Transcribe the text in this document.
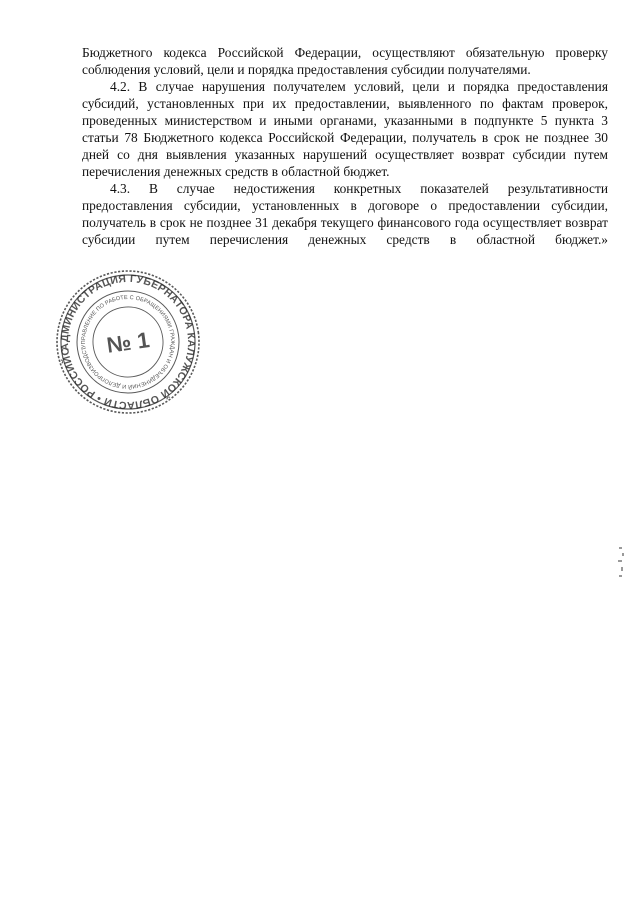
Бюджетного кодекса Российской Федерации, осуществляют обязательную проверку соблюдения условий, цели и порядка предоставления субсидии получателями.

4.2. В случае нарушения получателем условий, цели и порядка предоставления субсидий, установленных при их предоставлении, выявленного по фактам проверок, проведенных министерством и иными органами, указанными в подпункте 5 пункта 3 статьи 78 Бюджетного кодекса Российской Федерации, получатель в срок не позднее 30 дней со дня выявления указанных нарушений осуществляет возврат субсидии путем перечисления денежных средств в областной бюджет.

4.3. В случае недостижения конкретных показателей результативности предоставления субсидии, установленных в договоре о предоставлении субсидии, получатель в срок не позднее 31 декабря текущего финансового года осуществляет возврат субсидии путем перечисления денежных средств в областной бюджет.»

АДМИНИСТРАЦИЯ ГУБЕРНАТОРА КАЛУЖСКОЙ ОБЛАСТИ • РОССИЙСКАЯ
УПРАВЛЕНИЕ ПО РАБОТЕ С ОБРАЩЕНИЯМИ ГРАЖДАН И ОБЪЕДИНЕНИЙ И ДЕЛОПРОИЗВОДСТВА
№ 1
